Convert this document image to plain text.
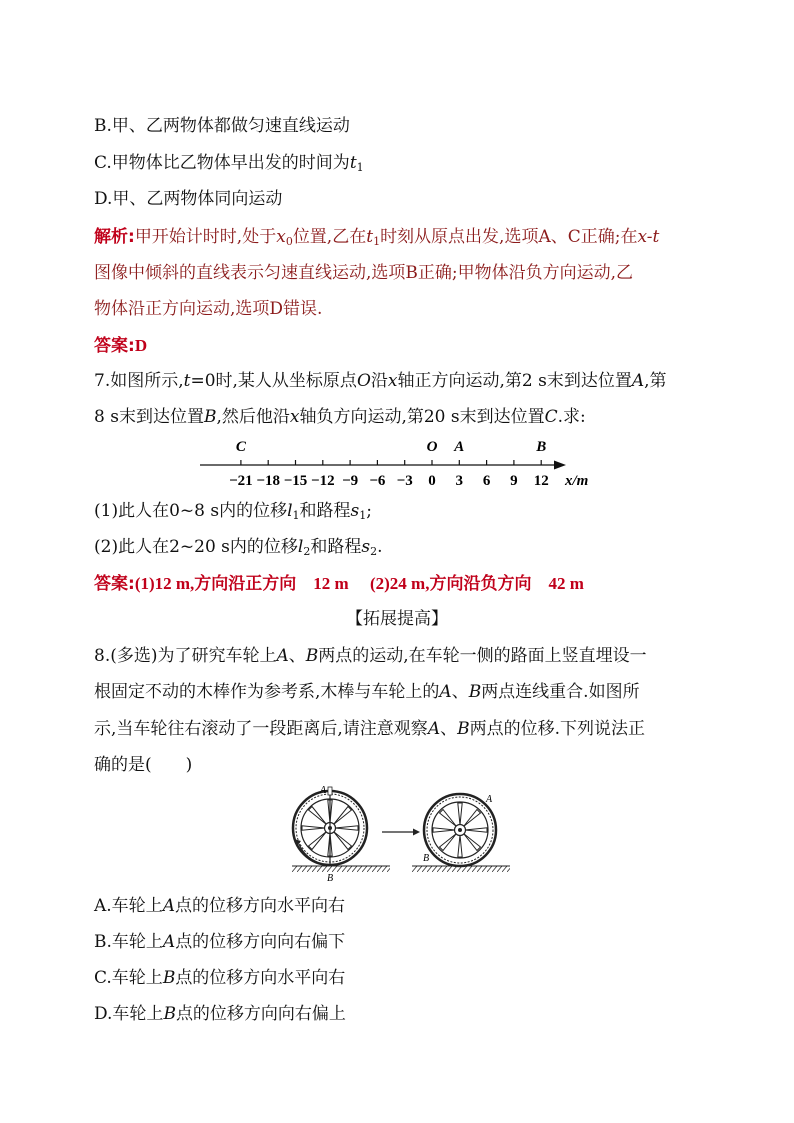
B.甲、乙两物体都做匀速直线运动
C.甲物体比乙物体早出发的时间为$t_1$
D.甲、乙两物体同向运动
解析:甲开始计时时,处于$x_0$位置,乙在$t_1$时刻从原点出发,选项A、C正确;在x-t
图像中倾斜的直线表示匀速直线运动,选项B正确;甲物体沿负方向运动,乙
物体沿正方向运动,选项D错误.
答案:D
7.如图所示,t=0时,某人从坐标原点O沿x轴正方向运动,第2 s末到达位置A,第
8 s末到达位置B,然后他沿x轴负方向运动,第20 s末到达位置C.求:
−21 −18 −15 −12 −9 −6 −3 0 3 6 9 12
C	O A	B
x/m
(1)此人在0~8 s内的位移$l_1$和路程$s_1$;
(2)此人在2~20 s内的位移$l_2$和路程$s_2$.
答案:(1)12 m,方向沿正方向　12 m　 (2)24 m,方向沿负方向　42 m
【拓展提高】
8.(多选)为了研究车轮上A、B两点的运动,在车轮一侧的路面上竖直埋设一
根固定不动的木棒作为参考系,木棒与车轮上的A、B两点连线重合.如图所
示,当车轮往右滚动了一段距离后,请注意观察A、B两点的位移.下列说法正
确的是(　　)
A
B
A
B
A.车轮上A点的位移方向水平向右
B.车轮上A点的位移方向向右偏下
C.车轮上B点的位移方向水平向右
D.车轮上B点的位移方向向右偏上
